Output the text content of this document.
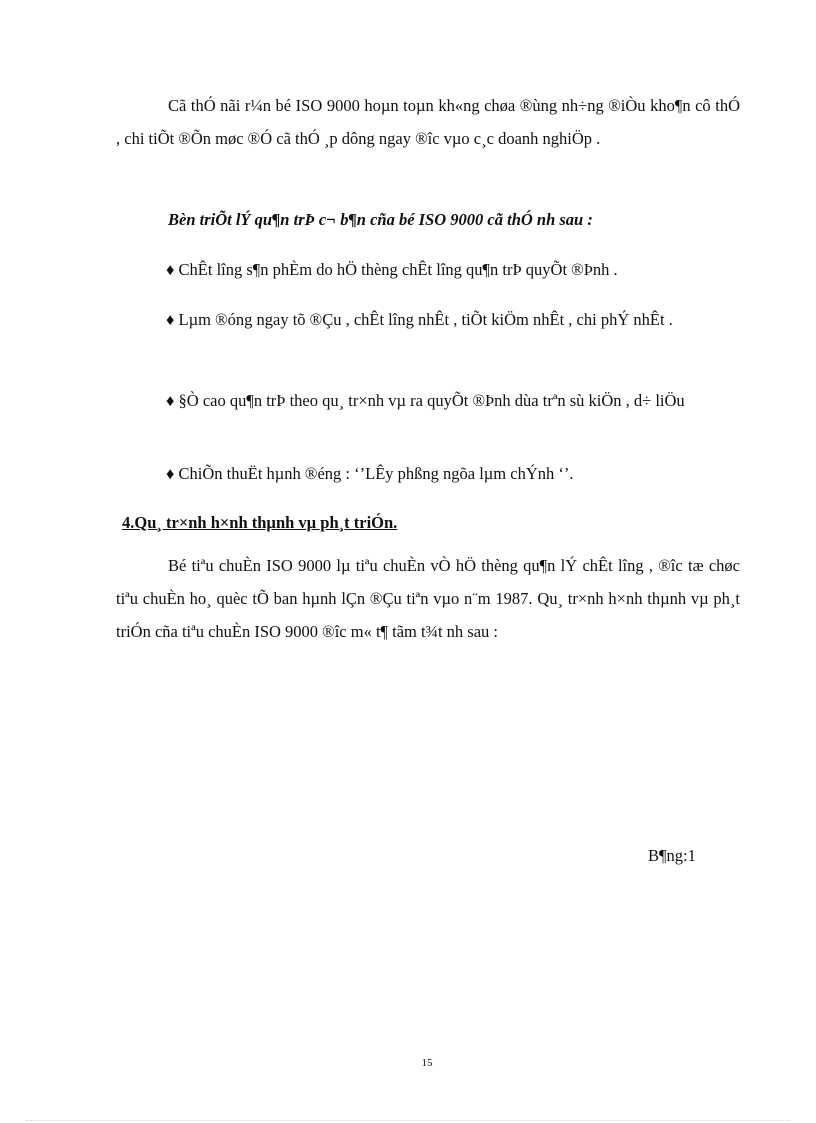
Cã thÓ nãi r¼n bé ISO 9000 hoµn toµn kh«ng chøa ®ùng nh÷ng ®iÒu kho¶n cô thÓ , chi tiÕt ®Õn møc ®Ó cã thÓ ¸p dông ngay ®îc vµo c¸c doanh nghiÖp .

Bèn triÕt lÝ qu¶n trÞ c¬ b¶n cña bé ISO 9000 cã thÓ nh sau :

♦ ChÊt lîng s¶n phÈm do hÖ thèng chÊt lîng qu¶n trÞ quyÕt ®Þnh .

♦ Lµm ®óng ngay tõ ®Çu , chÊt lîng nhÊt , tiÕt kiÖm nhÊt , chi phÝ nhÊt .

♦ §Ò cao qu¶n trÞ theo qu¸ tr×nh vµ ra quyÕt ®Þnh dùa trªn sù kiÖn , d÷ liÖu

♦ ChiÕn thuËt hµnh ®éng : ‘’LÊy phßng ngõa lµm chÝnh ‘’.

4.Qu¸ tr×nh h×nh thµnh vµ ph¸t triÓn.

Bé tiªu chuÈn ISO 9000 lµ tiªu chuÈn vÒ hÖ thèng qu¶n lÝ chÊt lîng , ®îc tæ chøc tiªu chuÈn ho¸ quèc tÕ ban hµnh lÇn ®Çu tiªn vµo n¨m 1987. Qu¸ tr×nh h×nh thµnh vµ ph¸t triÓn cña tiªu chuÈn ISO 9000 ®îc m« t¶ tãm t¾t nh sau :

B¶ng:1

15
